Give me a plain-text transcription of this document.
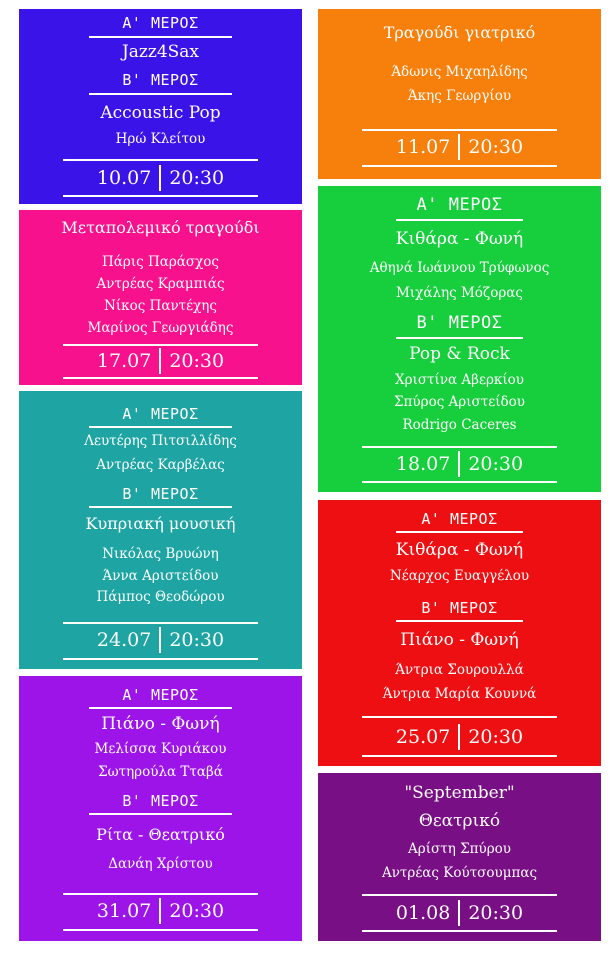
Α' ΜΕΡΟΣ
Jazz4Sax
Β' ΜΕΡΟΣ
Accoustic Pop
Ηρώ Κλείτου
10.07 20:30
Μεταπολεμικό τραγούδι
Πάρις Παράσχος
Αντρέας Κραμπιάς
Νίκος Παντέχης
Μαρίνος Γεωργιάδης
17.07 20:30
Α' ΜΕΡΟΣ
Λευτέρης Πιτσιλλίδης
Αντρέας Καρβέλας
Β' ΜΕΡΟΣ
Κυπριακή μουσική
Νικόλας Βρυώνη
Άννα Αριστείδου
Πάμπος Θεοδώρου
24.07 20:30
Α' ΜΕΡΟΣ
Πιάνο - Φωνή
Μελίσσα Κυριάκου
Σωτηρούλα Τταβά
Β' ΜΕΡΟΣ
Ρίτα - Θεατρικό
Δανάη Χρίστου
31.07 20:30
Τραγούδι γιατρικό
Άδωνις Μιχαηλίδης
Άκης Γεωργίου
11.07 20:30
Α' ΜΕΡΟΣ
Κιθάρα - Φωνή
Αθηνά Ιωάννου Τρύφωνος
Μιχάλης Μόζορας
Β' ΜΕΡΟΣ
Pop & Rock
Χριστίνα Αβερκίου
Σπύρος Αριστείδου
Rodrigo Caceres
18.07 20:30
Α' ΜΕΡΟΣ
Κιθάρα - Φωνή
Νέαρχος Ευαγγέλου
Β' ΜΕΡΟΣ
Πιάνο - Φωνή
Άντρια Σουρουλλά
Άντρια Μαρία Κουννά
25.07 20:30
"September"
Θεατρικό
Αρίστη Σπύρου
Αντρέας Κούτσουμπας
01.08 20:30
